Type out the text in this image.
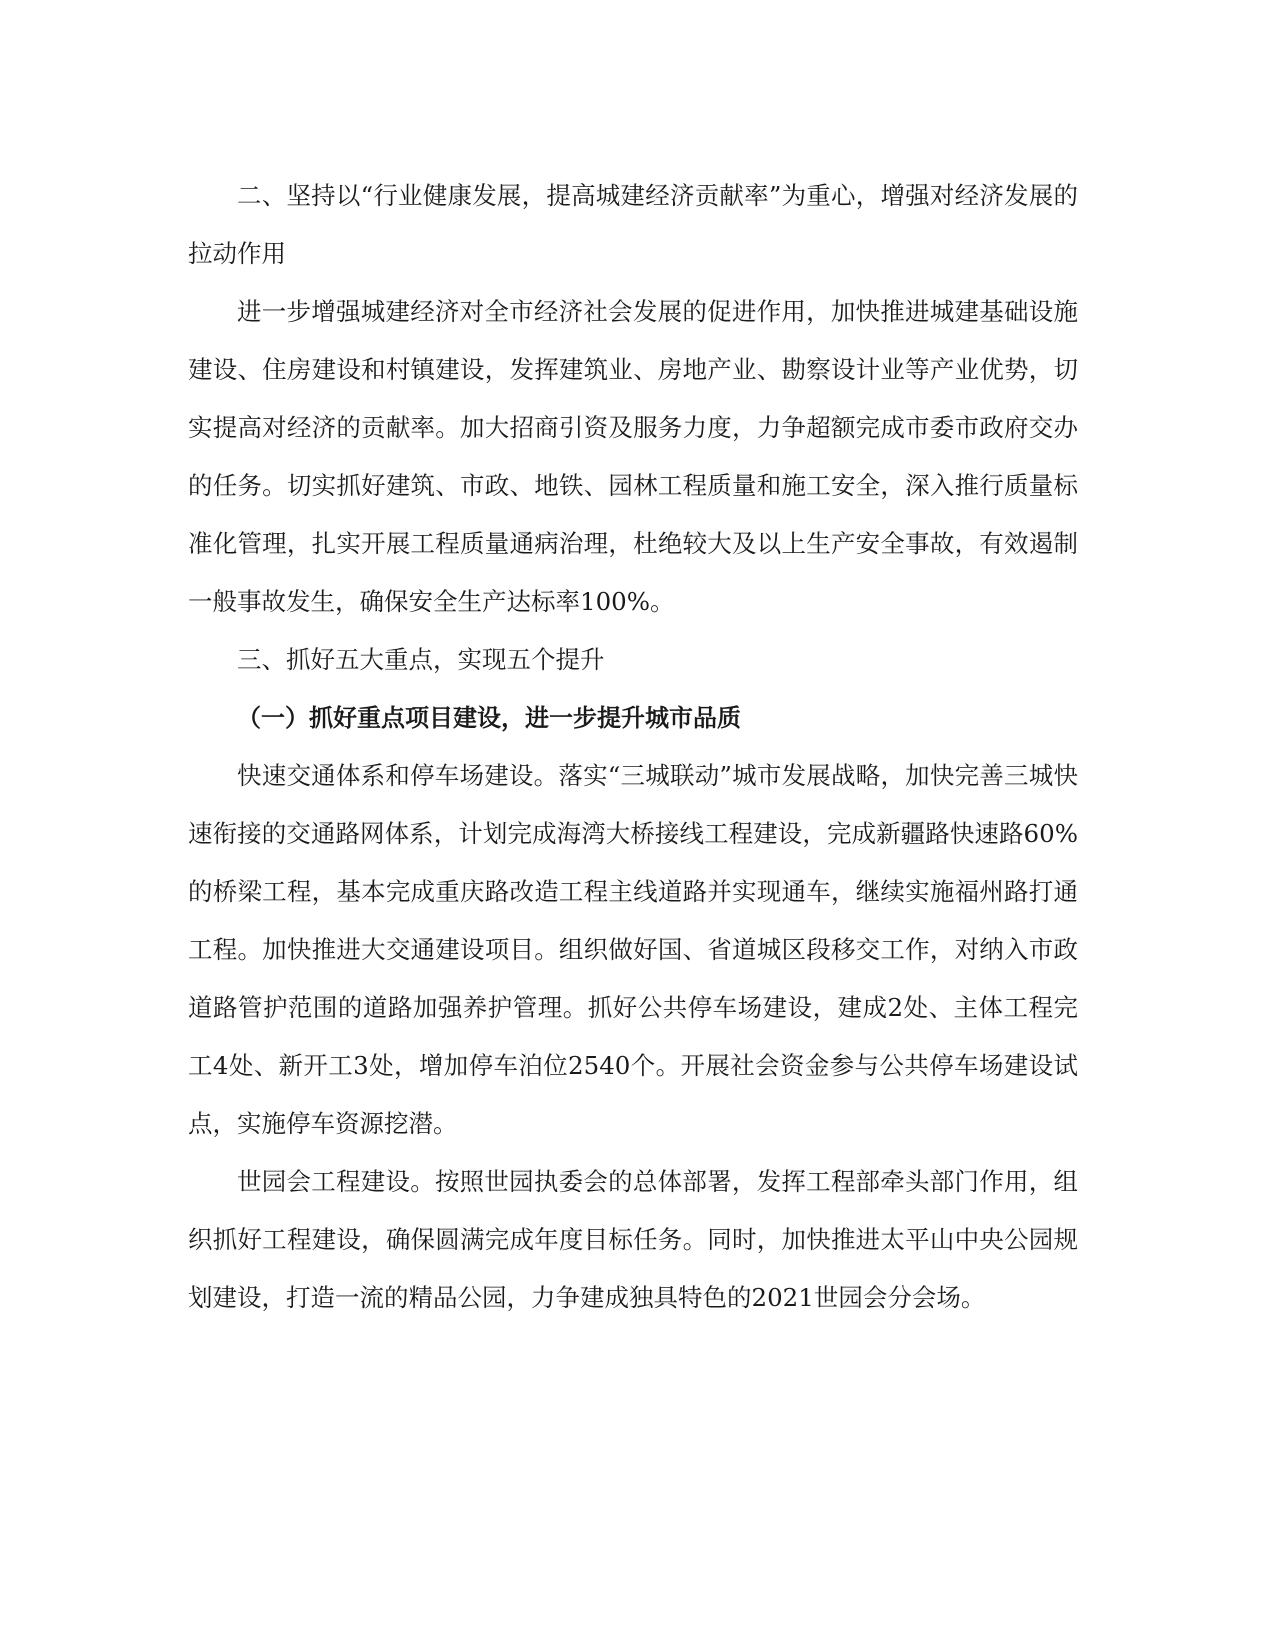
二、坚持以“行业健康发展，提高城建经济贡献率”为重心，增强对经济发展的拉动作用

进一步增强城建经济对全市经济社会发展的促进作用，加快推进城建基础设施建设、住房建设和村镇建设，发挥建筑业、房地产业、勘察设计业等产业优势，切实提高对经济的贡献率。加大招商引资及服务力度，力争超额完成市委市政府交办的任务。切实抓好建筑、市政、地铁、园林工程质量和施工安全，深入推行质量标准化管理，扎实开展工程质量通病治理，杜绝较大及以上生产安全事故，有效遏制一般事故发生，确保安全生产达标率100%。

三、抓好五大重点，实现五个提升

（一）抓好重点项目建设，进一步提升城市品质

快速交通体系和停车场建设。落实“三城联动”城市发展战略，加快完善三城快速衔接的交通路网体系，计划完成海湾大桥接线工程建设，完成新疆路快速路60%的桥梁工程，基本完成重庆路改造工程主线道路并实现通车，继续实施福州路打通工程。加快推进大交通建设项目。组织做好国、省道城区段移交工作，对纳入市政道路管护范围的道路加强养护管理。抓好公共停车场建设，建成2处、主体工程完工4处、新开工3处，增加停车泊位2540个。开展社会资金参与公共停车场建设试点，实施停车资源挖潜。

世园会工程建设。按照世园执委会的总体部署，发挥工程部牵头部门作用，组织抓好工程建设，确保圆满完成年度目标任务。同时，加快推进太平山中央公园规划建设，打造一流的精品公园，力争建成独具特色的2021世园会分会场。
